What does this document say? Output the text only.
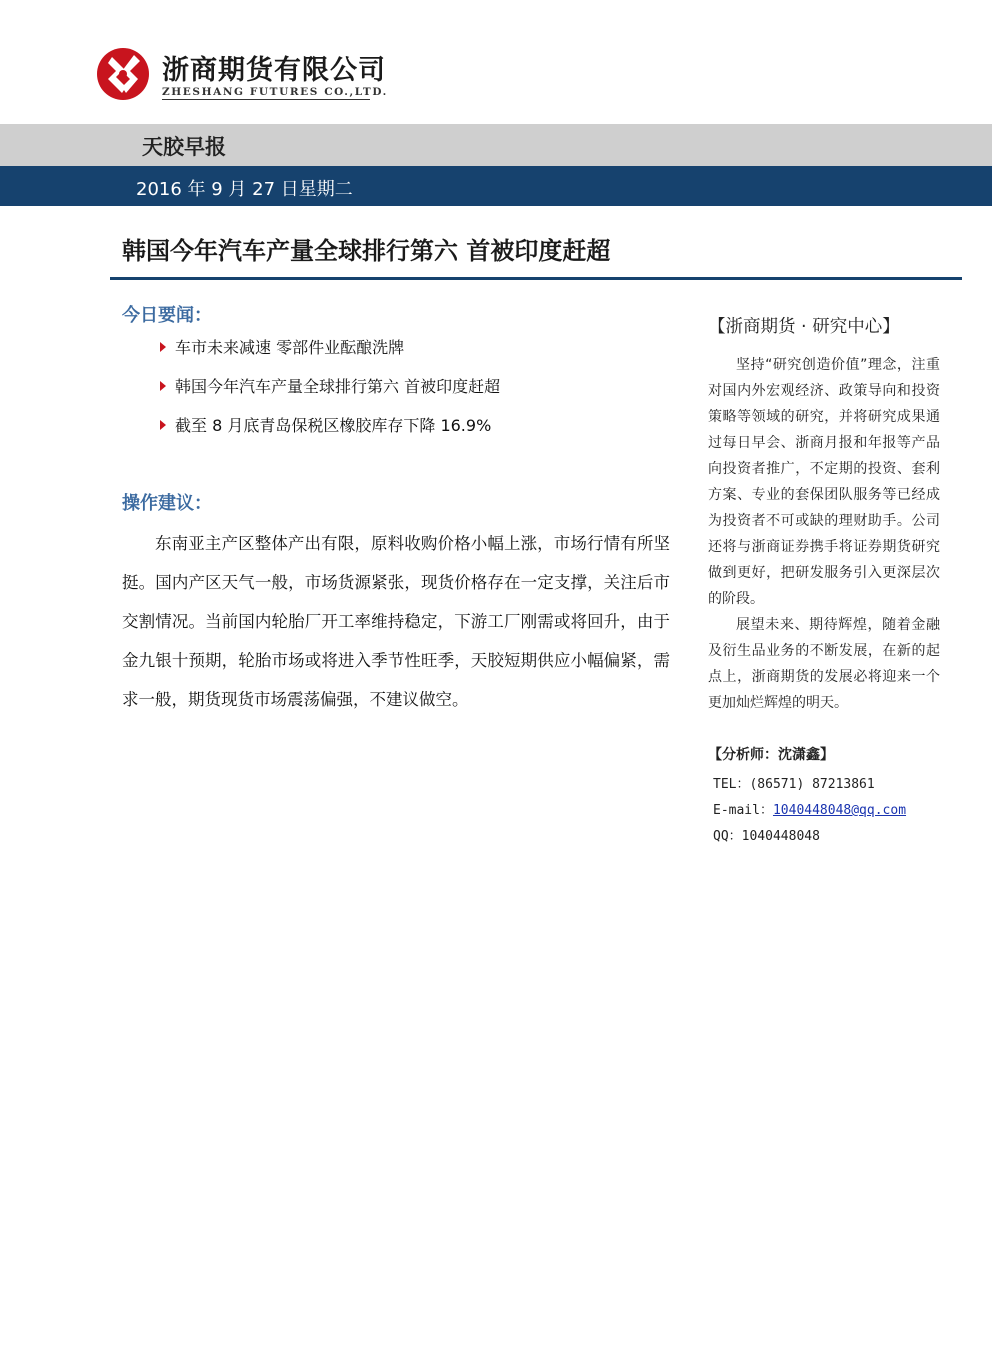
浙商期货有限公司
ZHESHANG FUTURES CO.,LTD.
天胶早报
2016 年 9 月 27 日星期二
韩国今年汽车产量全球排行第六 首被印度赶超
今日要闻：
车市未来减速 零部件业酝酿洗牌
韩国今年汽车产量全球排行第六 首被印度赶超
截至 8 月底青岛保税区橡胶库存下降 16.9%
操作建议：
东南亚主产区整体产出有限，原料收购价格小幅上涨，市场行情有所坚挺。国内产区天气一般，市场货源紧张，现货价格存在一定支撑，关注后市交割情况。当前国内轮胎厂开工率维持稳定，下游工厂刚需或将回升，由于金九银十预期，轮胎市场或将进入季节性旺季，天胶短期供应小幅偏紧，需求一般，期货现货市场震荡偏强，不建议做空。
【浙商期货 · 研究中心】
坚持“研究创造价值”理念，注重对国内外宏观经济、政策导向和投资策略等领域的研究，并将研究成果通过每日早会、浙商月报和年报等产品向投资者推广，不定期的投资、套利方案、专业的套保团队服务等已经成为投资者不可或缺的理财助手。公司还将与浙商证券携手将证券期货研究做到更好，把研发服务引入更深层次的阶段。
展望未来、期待辉煌，随着金融及衍生品业务的不断发展，在新的起点上，浙商期货的发展必将迎来一个更加灿烂辉煌的明天。
【分析师：沈潇鑫】
TEL：(86571) 87213861
E-mail：1040448048@qq.com
QQ：1040448048
